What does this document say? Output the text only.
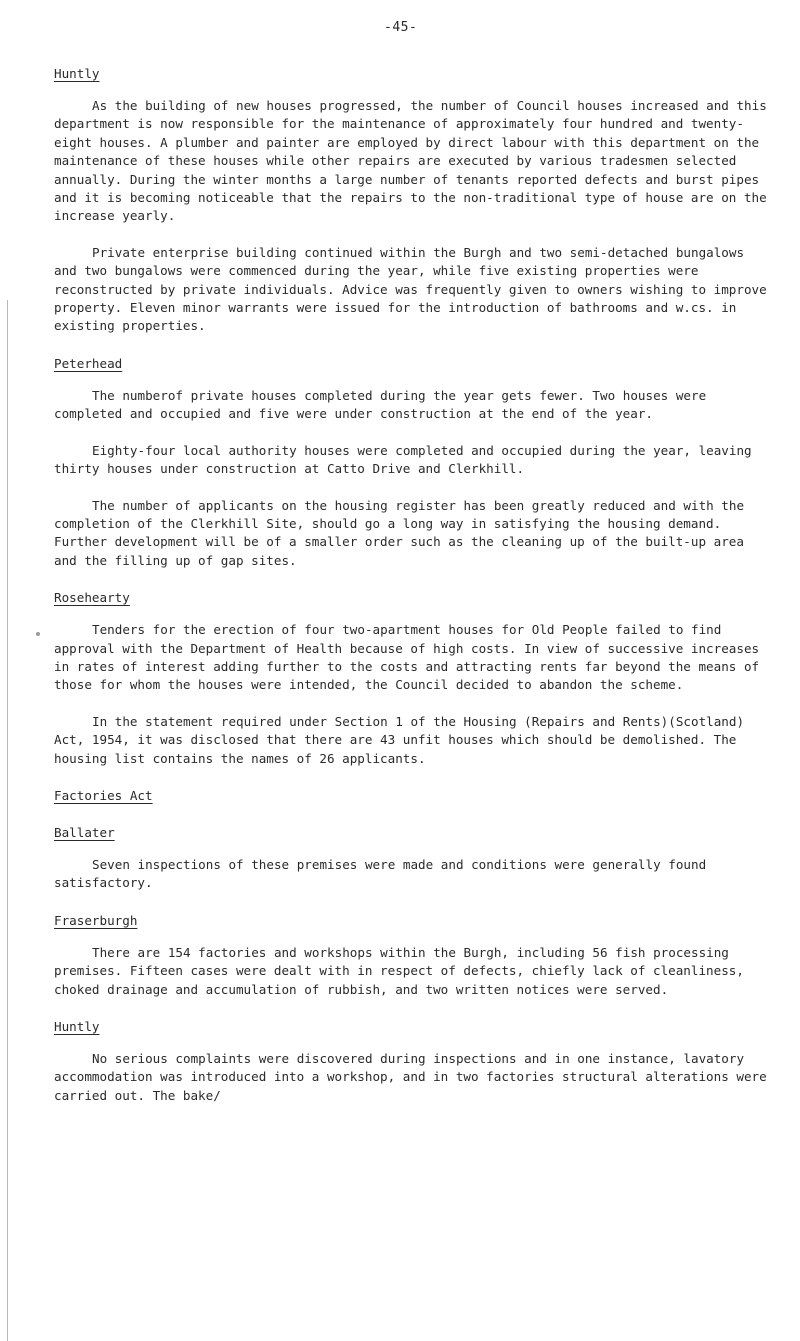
-45-
Huntly

As the building of new houses progressed, the number of Council houses increased and this department is now responsible for the maintenance of approximately four hundred and twenty-eight houses. A plumber and painter are employed by direct labour with this department on the maintenance of these houses while other repairs are executed by various tradesmen selected annually. During the winter months a large number of tenants reported defects and burst pipes and it is becoming noticeable that the repairs to the non-traditional type of house are on the increase yearly.

Private enterprise building continued within the Burgh and two semi-detached bungalows and two bungalows were commenced during the year, while five existing properties were reconstructed by private individuals. Advice was frequently given to owners wishing to improve property. Eleven minor warrants were issued for the introduction of bathrooms and w.cs. in existing properties.

Peterhead

The numberof private houses completed during the year gets fewer. Two houses were completed and occupied and five were under construction at the end of the year.

Eighty-four local authority houses were completed and occupied during the year, leaving thirty houses under construction at Catto Drive and Clerkhill.

The number of applicants on the housing register has been greatly reduced and with the completion of the Clerkhill Site, should go a long way in satisfying the housing demand. Further development will be of a smaller order such as the cleaning up of the built-up area and the filling up of gap sites.

Rosehearty

Tenders for the erection of four two-apartment houses for Old People failed to find approval with the Department of Health because of high costs. In view of successive increases in rates of interest adding further to the costs and attracting rents far beyond the means of those for whom the houses were intended, the Council decided to abandon the scheme.

In the statement required under Section 1 of the Housing (Repairs and Rents)(Scotland) Act, 1954, it was disclosed that there are 43 unfit houses which should be demolished. The housing list contains the names of 26 applicants.

Factories Act
Ballater

Seven inspections of these premises were made and conditions were generally found satisfactory.

Fraserburgh

There are 154 factories and workshops within the Burgh, including 56 fish processing premises. Fifteen cases were dealt with in respect of defects, chiefly lack of cleanliness, choked drainage and accumulation of rubbish, and two written notices were served.

Huntly

No serious complaints were discovered during inspections and in one instance, lavatory accommodation was introduced into a workshop, and in two factories structural alterations were carried out. The bake/
